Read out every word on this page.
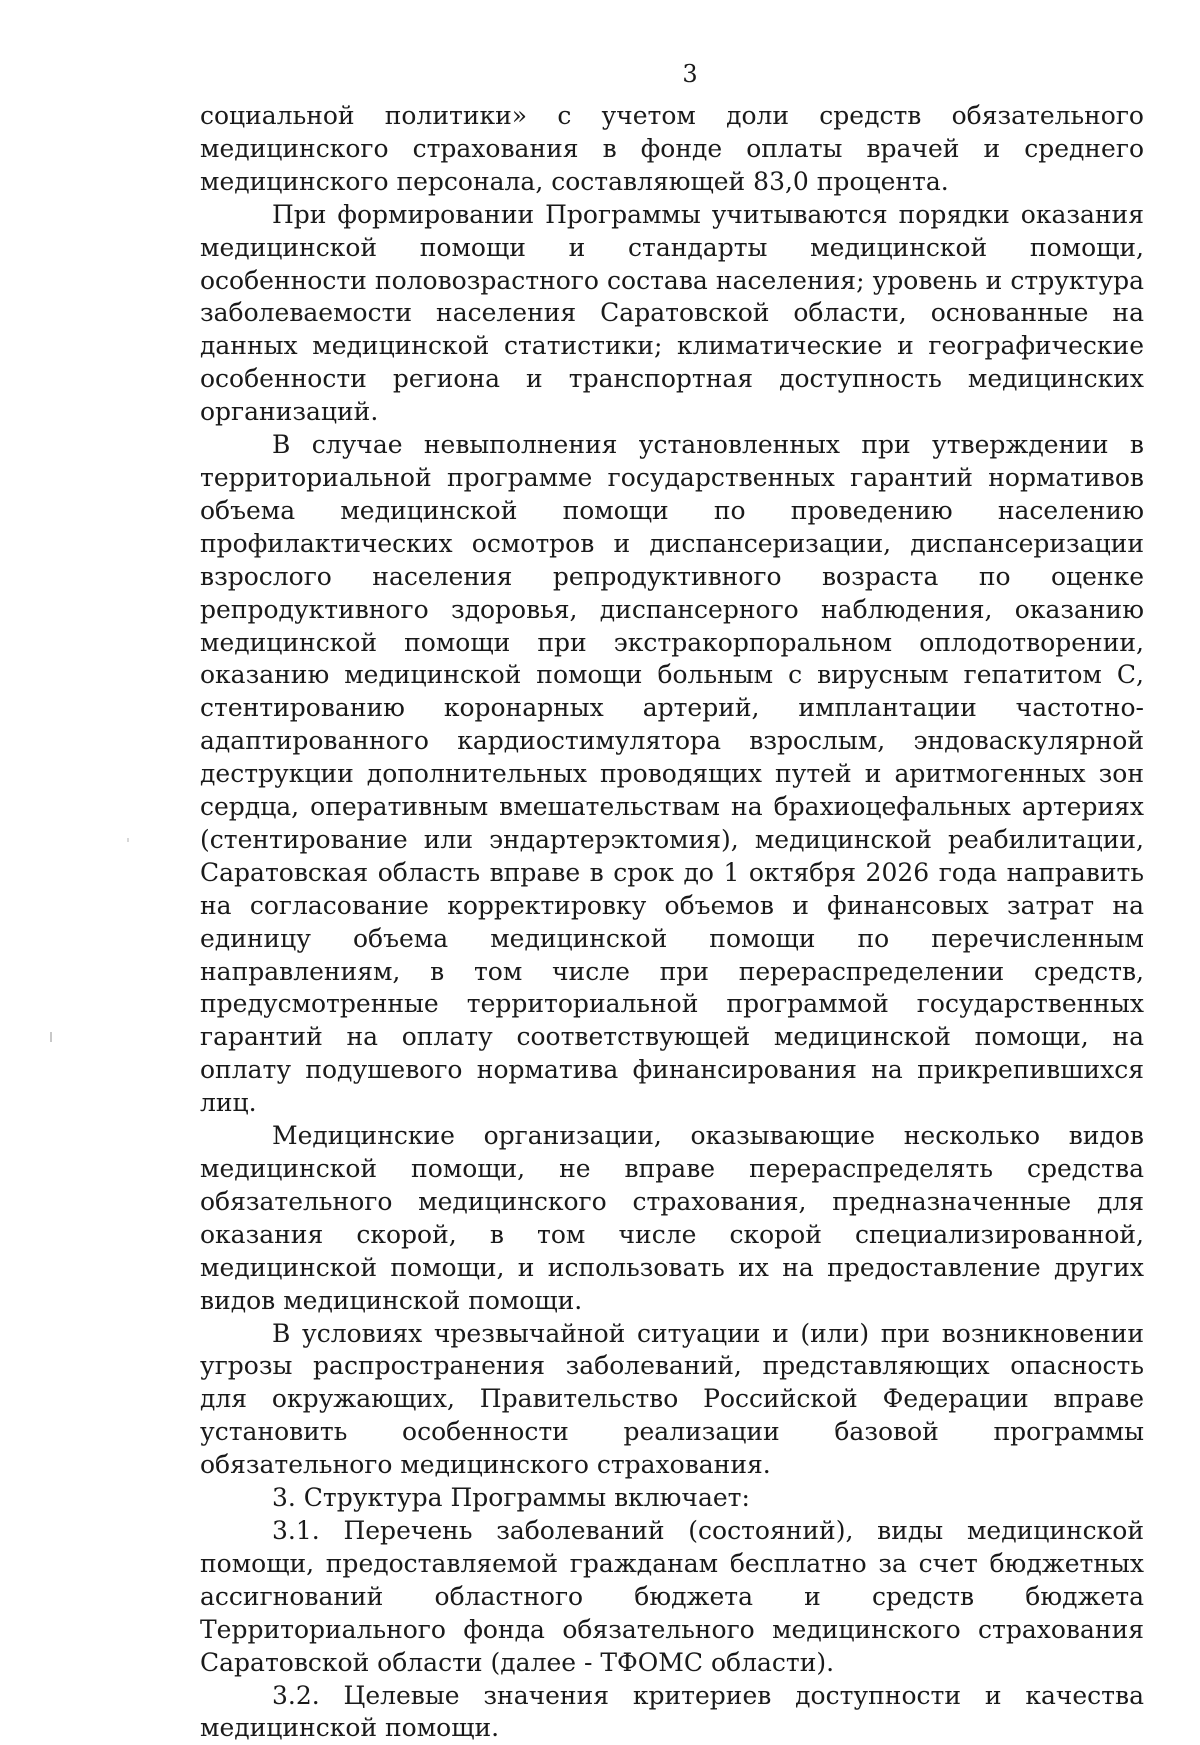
3

социальной политики» с учетом доли средств обязательного медицинского страхования в фонде оплаты врачей и среднего медицинского персонала, составляющей 83,0 процента.

При формировании Программы учитываются порядки оказания медицинской помощи и стандарты медицинской помощи, особенности половозрастного состава населения; уровень и структура заболеваемости населения Саратовской области, основанные на данных медицинской статистики; климатические и географические особенности региона и транспортная доступность медицинских организаций.

В случае невыполнения установленных при утверждении в территориальной программе государственных гарантий нормативов объема медицинской помощи по проведению населению профилактических осмотров и диспансеризации, диспансеризации взрослого населения репродуктивного возраста по оценке репродуктивного здоровья, диспансерного наблюдения, оказанию медицинской помощи при экстракорпоральном оплодотворении, оказанию медицинской помощи больным с вирусным гепатитом С, стентированию коронарных артерий, имплантации частотно-адаптированного кардиостимулятора взрослым, эндоваскулярной деструкции дополнительных проводящих путей и аритмогенных зон сердца, оперативным вмешательствам на брахиоцефальных артериях (стентирование или эндартерэктомия), медицинской реабилитации, Саратовская область вправе в срок до 1 октября 2026 года направить на согласование корректировку объемов и финансовых затрат на единицу объема медицинской помощи по перечисленным направлениям, в том числе при перераспределении средств, предусмотренные территориальной программой государственных гарантий на оплату соответствующей медицинской помощи, на оплату подушевого норматива финансирования на прикрепившихся лиц.

Медицинские организации, оказывающие несколько видов медицинской помощи, не вправе перераспределять средства обязательного медицинского страхования, предназначенные для оказания скорой, в том числе скорой специализированной, медицинской помощи, и использовать их на предоставление других видов медицинской помощи.

В условиях чрезвычайной ситуации и (или) при возникновении угрозы распространения заболеваний, представляющих опасность для окружающих, Правительство Российской Федерации вправе установить особенности реализации базовой программы обязательного медицинского страхования.

3. Структура Программы включает:

3.1. Перечень заболеваний (состояний), виды медицинской помощи, предоставляемой гражданам бесплатно за счет бюджетных ассигнований областного бюджета и средств бюджета Территориального фонда обязательного медицинского страхования Саратовской области (далее - ТФОМС области).

3.2. Целевые значения критериев доступности и качества медицинской помощи.
